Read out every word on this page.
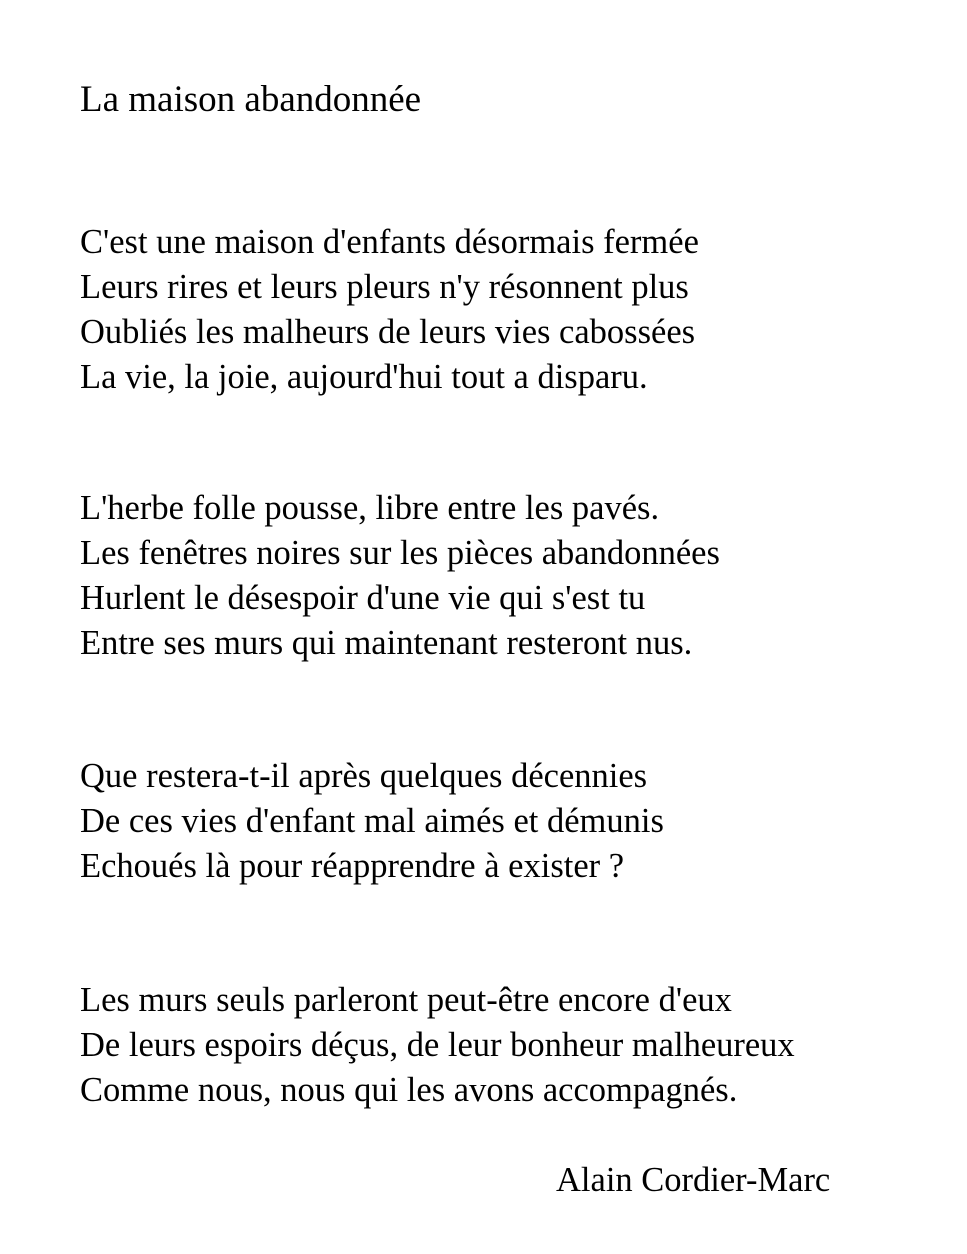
La maison abandonnée
C'est une maison d'enfants désormais fermée
Leurs rires et leurs pleurs n'y résonnent plus
Oubliés les malheurs de leurs vies cabossées
La vie, la joie, aujourd'hui tout a disparu.
L'herbe folle pousse, libre entre les pavés.
Les fenêtres noires sur les pièces abandonnées
Hurlent le désespoir d'une vie qui s'est tu
Entre ses murs qui maintenant resteront nus.
Que restera-t-il après quelques décennies
De ces vies d'enfant mal aimés et démunis
Echoués là pour réapprendre à exister ?
Les murs seuls parleront peut-être encore d'eux
De leurs espoirs déçus, de leur bonheur malheureux
Comme nous, nous qui les avons accompagnés.

Alain Cordier-Marc
